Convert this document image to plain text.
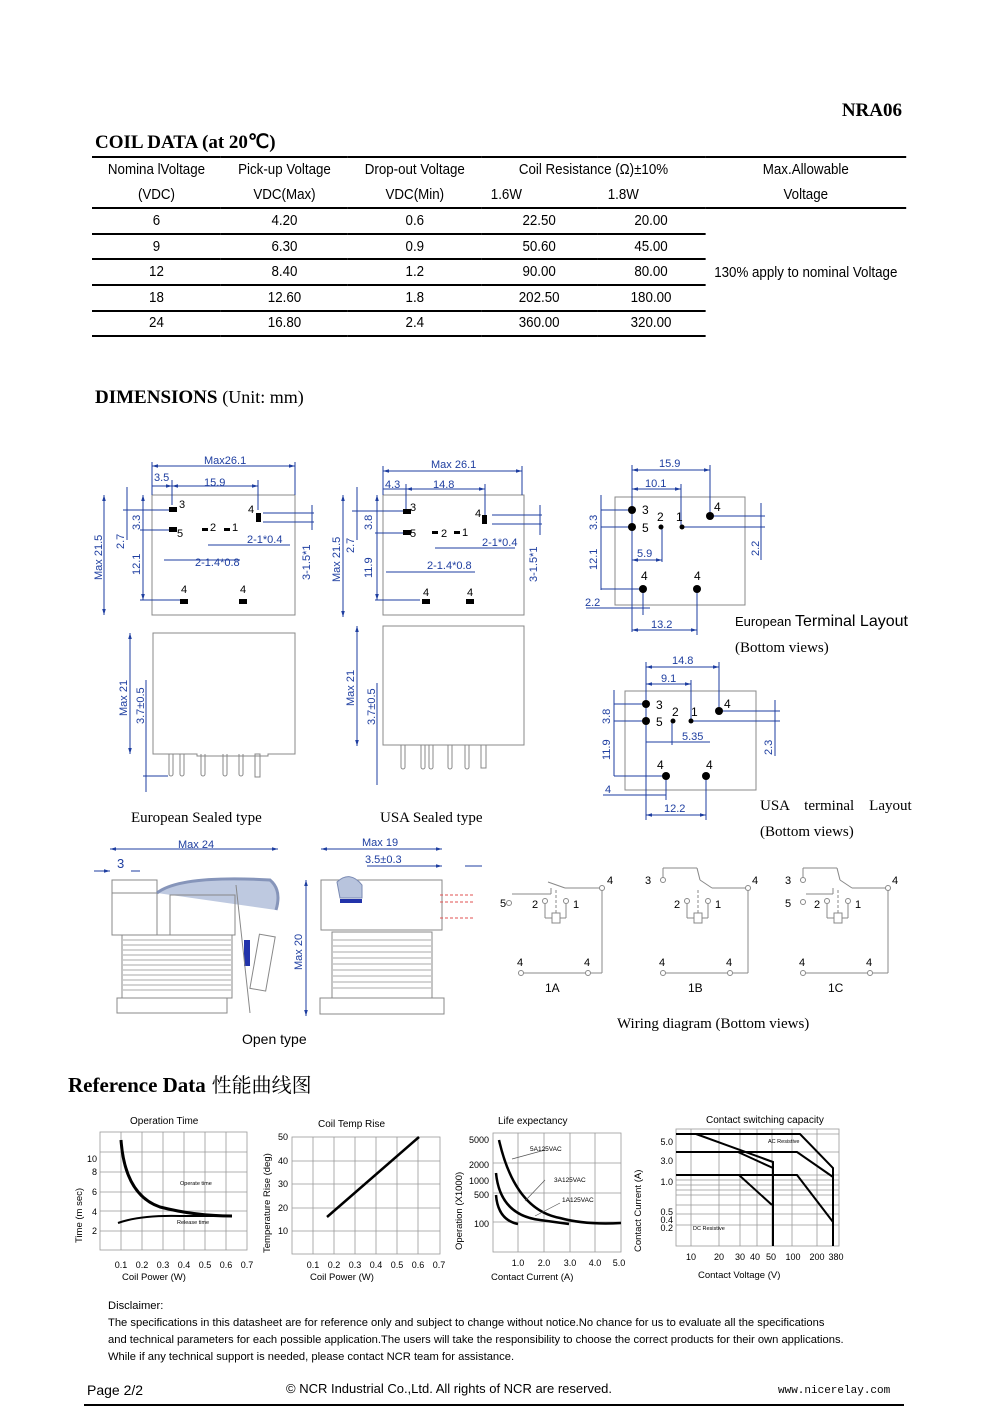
NRA06
COIL DATA (at 20℃)
Nomina lVoltage	Pick-up Voltage	Drop-out Voltage	Coil Resistance (Ω)±10%		Max.Allowable
(VDC)	VDC(Max)	VDC(Min)	1.6W	1.8W	Voltage
6	4.20	0.6	22.50	20.00	130% apply to nominal Voltage
9	6.30	0.9	50.60	45.00	
12	8.40	1.2	90.00	80.00	
18	12.60	1.8	202.50	180.00	
24	16.80	2.4	360.00	320.00	
DIMENSIONS (Unit: mm)
3
5 2 1
4
4	4
Max26.1
3.5	15.9
2-1.4*0.8
2-1*0.4
Max 21.5 2.7
3.3
12.1	3-1.5*1
3
5 2 1
4
4	4
Max 26.1
4.3	14.8
2-1.4*0.8
2-1*0.4
Max 21.5 2.7
3.8
11.9	3-1.5*1
Max 21 3.7±0.5
European Sealed type
Max 21
3.7±0.5
USA Sealed type
3
5
2 1
4
4	4
15.9
10.1
5.9
2.2
13.2
3.3
12.1
2.2
European Terminal Layout
(Bottom views)
3
5
2 1
4
4	4
14.8
9.1
5.35
4
12.2
3.8
11.9	2.3
USA    terminal    Layout
(Bottom views)
Max 24
3
Max 19
3.5±0.3
Max 20
Open type
5 2	1
4
4	4
3
2	1
4
4	4
3
5 2	1
4
4	4
1A	1B	1C
Wiring diagram (Bottom views)
Reference Data 性能曲线图
Operation Time
Operate time
Release time
0.1 0.2 0.3 0.4 0.5 0.6 0.7
2
4
6
8
10
Coil Power (W)
Time (m sec)
Coil Temp Rise
0.1 0.2 0.3 0.4 0.5 0.6 0.7
10
20
30
40
50
Coil Power (W)
Temperature Rise (deg)
Life expectancy
5A125VAC
3A125VAC
1A125VAC
1.0 2.0 3.0 4.0 5.0
100
500
1000
2000
5000
Contact Current (A)
Operation (X1000)
Contact switching capacity
AC Resistive
DC Resistive
10 20 30 40 50 100 200 380
0.2
0.4
0.5
1.0
3.0
5.0
Contact Voltage (V)
Contact Current (A)
Disclaimer:
The specifications in this datasheet are for reference only and subject to change without notice.No chance for us to evaluate all the specifications
and technical parameters for each possible application.The users will take the responsibility to choose the correct products for their own applications.
While if any technical support is needed, please contact NCR team for assistance.
Page 2/2	© NCR Industrial Co.,Ltd. All rights of NCR are reserved.	www.nicerelay.com
